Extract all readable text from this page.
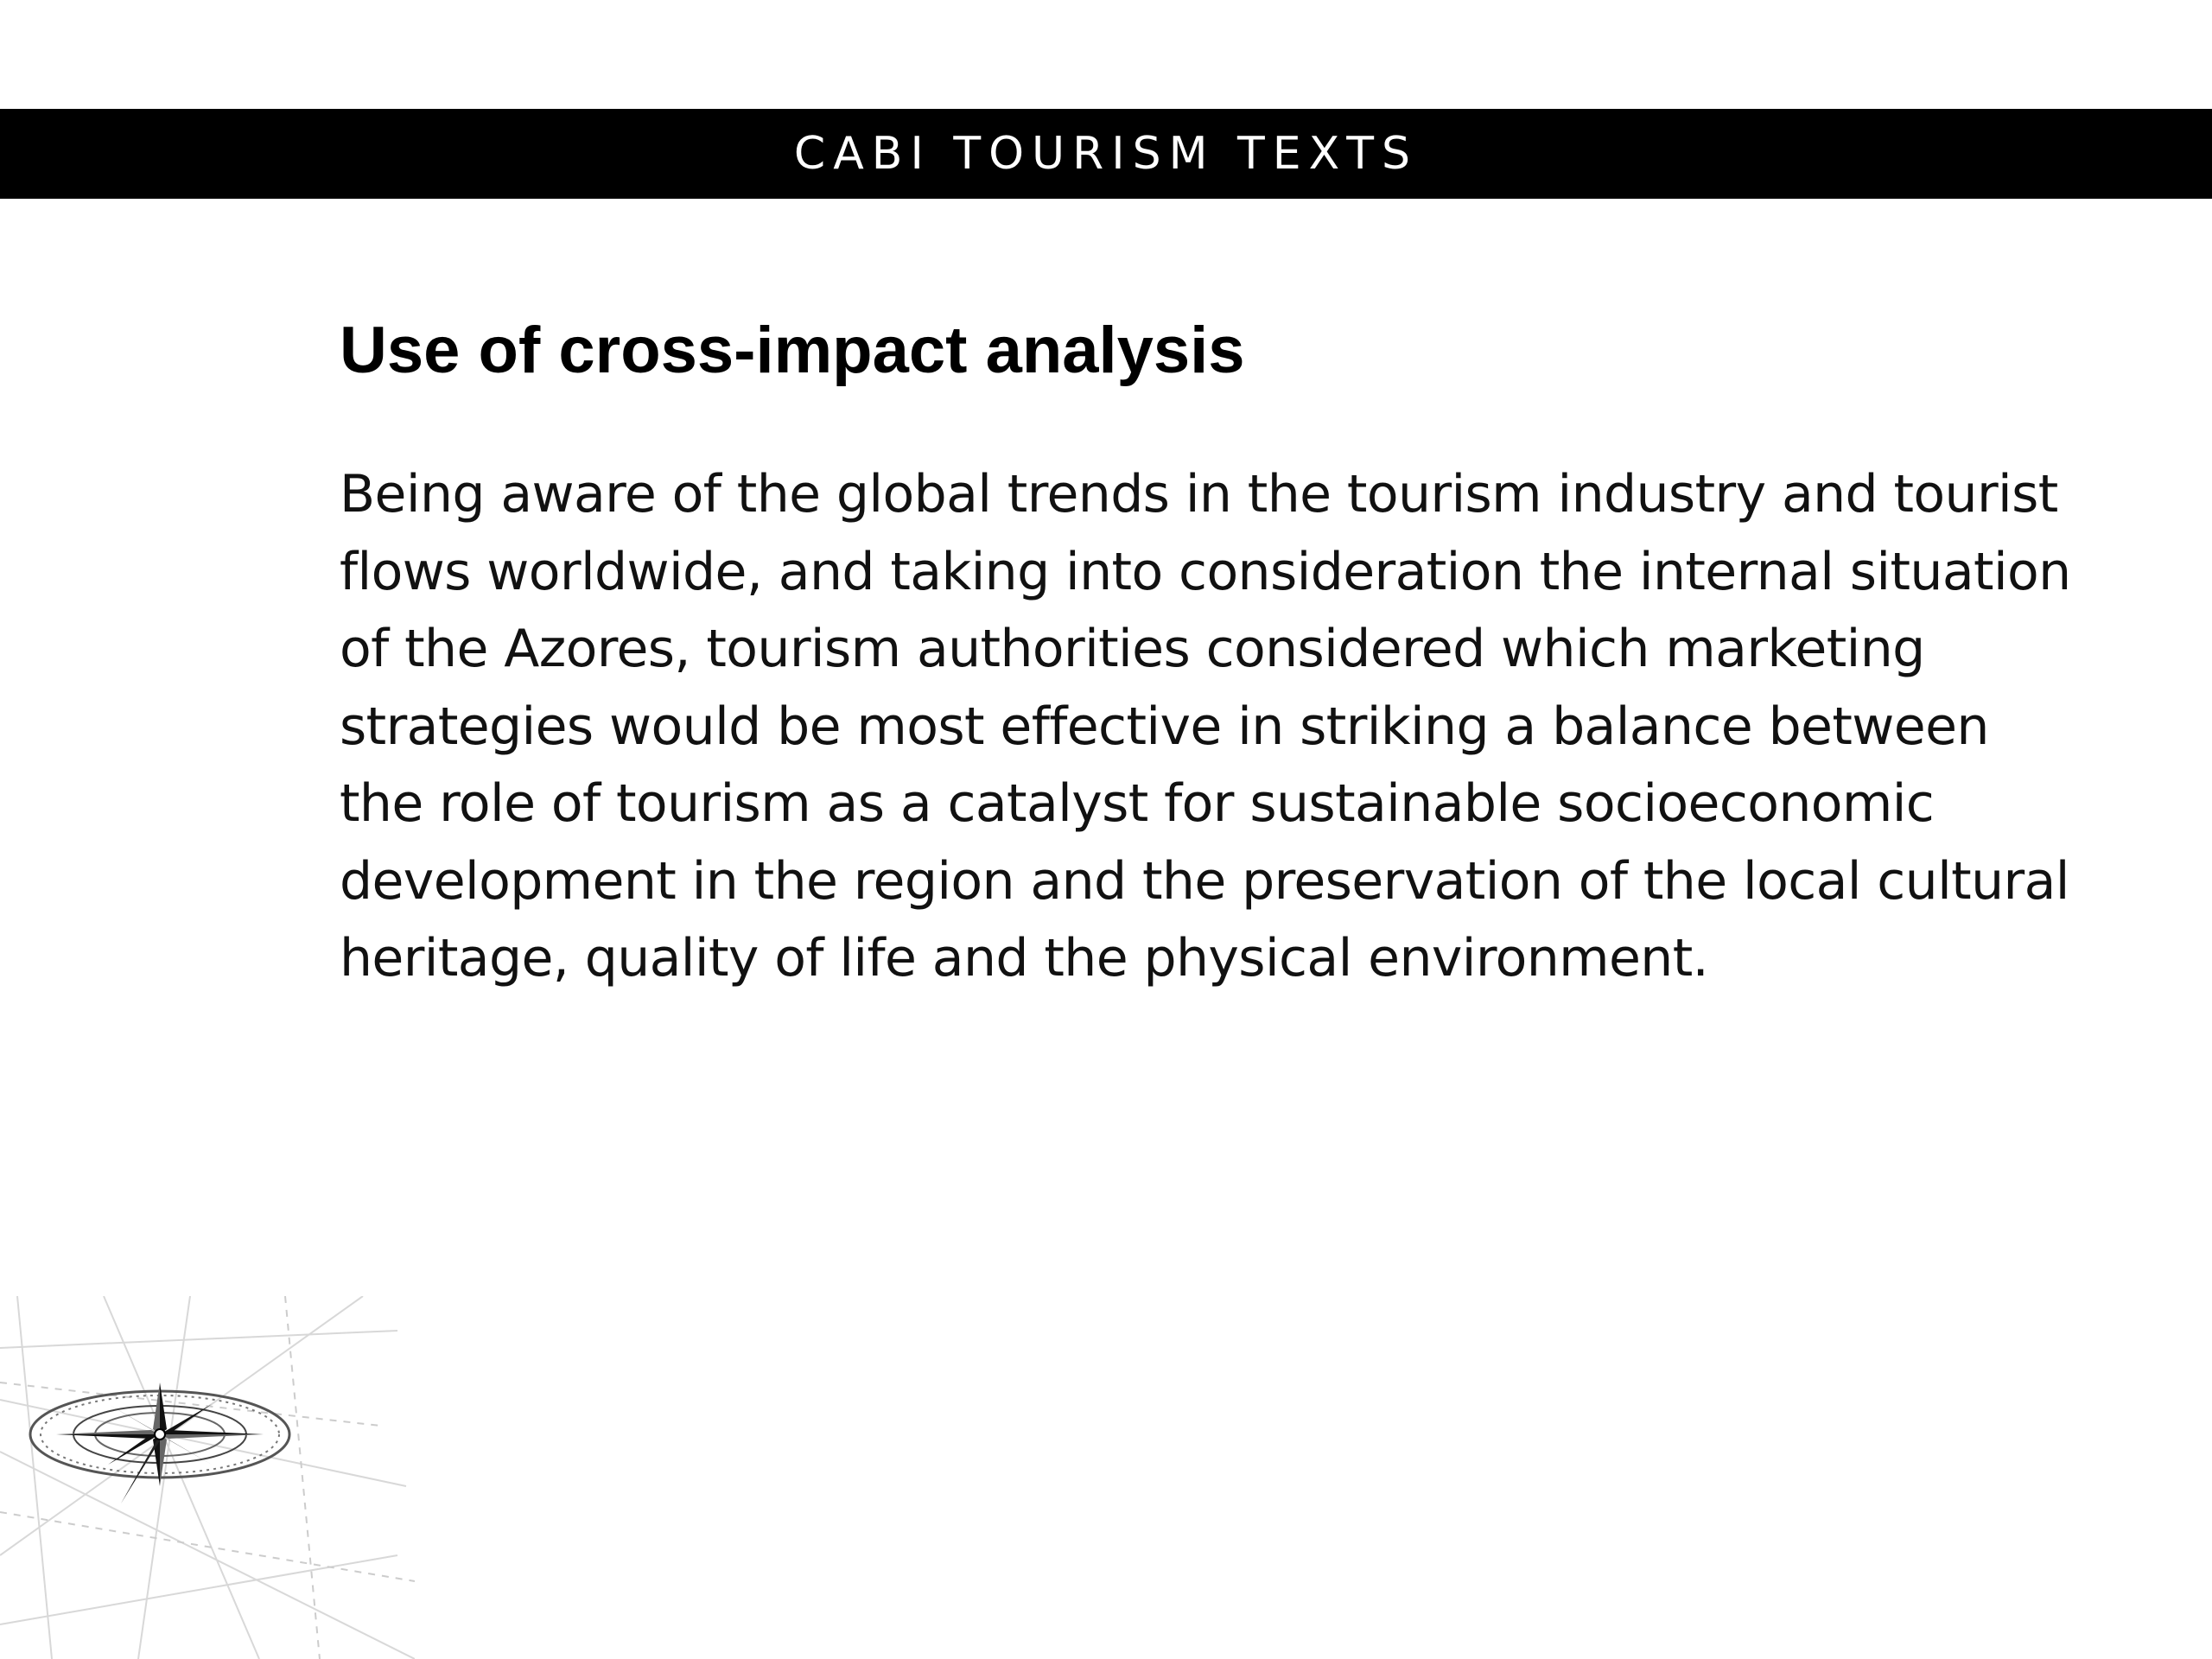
CABI TOURISM TEXTS
Use of cross-impact analysis

Being aware of the global trends in the tourism industry and tourist flows worldwide, and taking into consideration the internal situation of the Azores, tourism authorities considered which marketing strategies would be most effective in striking a balance between the role of tourism as a catalyst for sustainable socioeconomic development in the region and the preservation of the local cultural heritage, quality of life and the physical environment.
